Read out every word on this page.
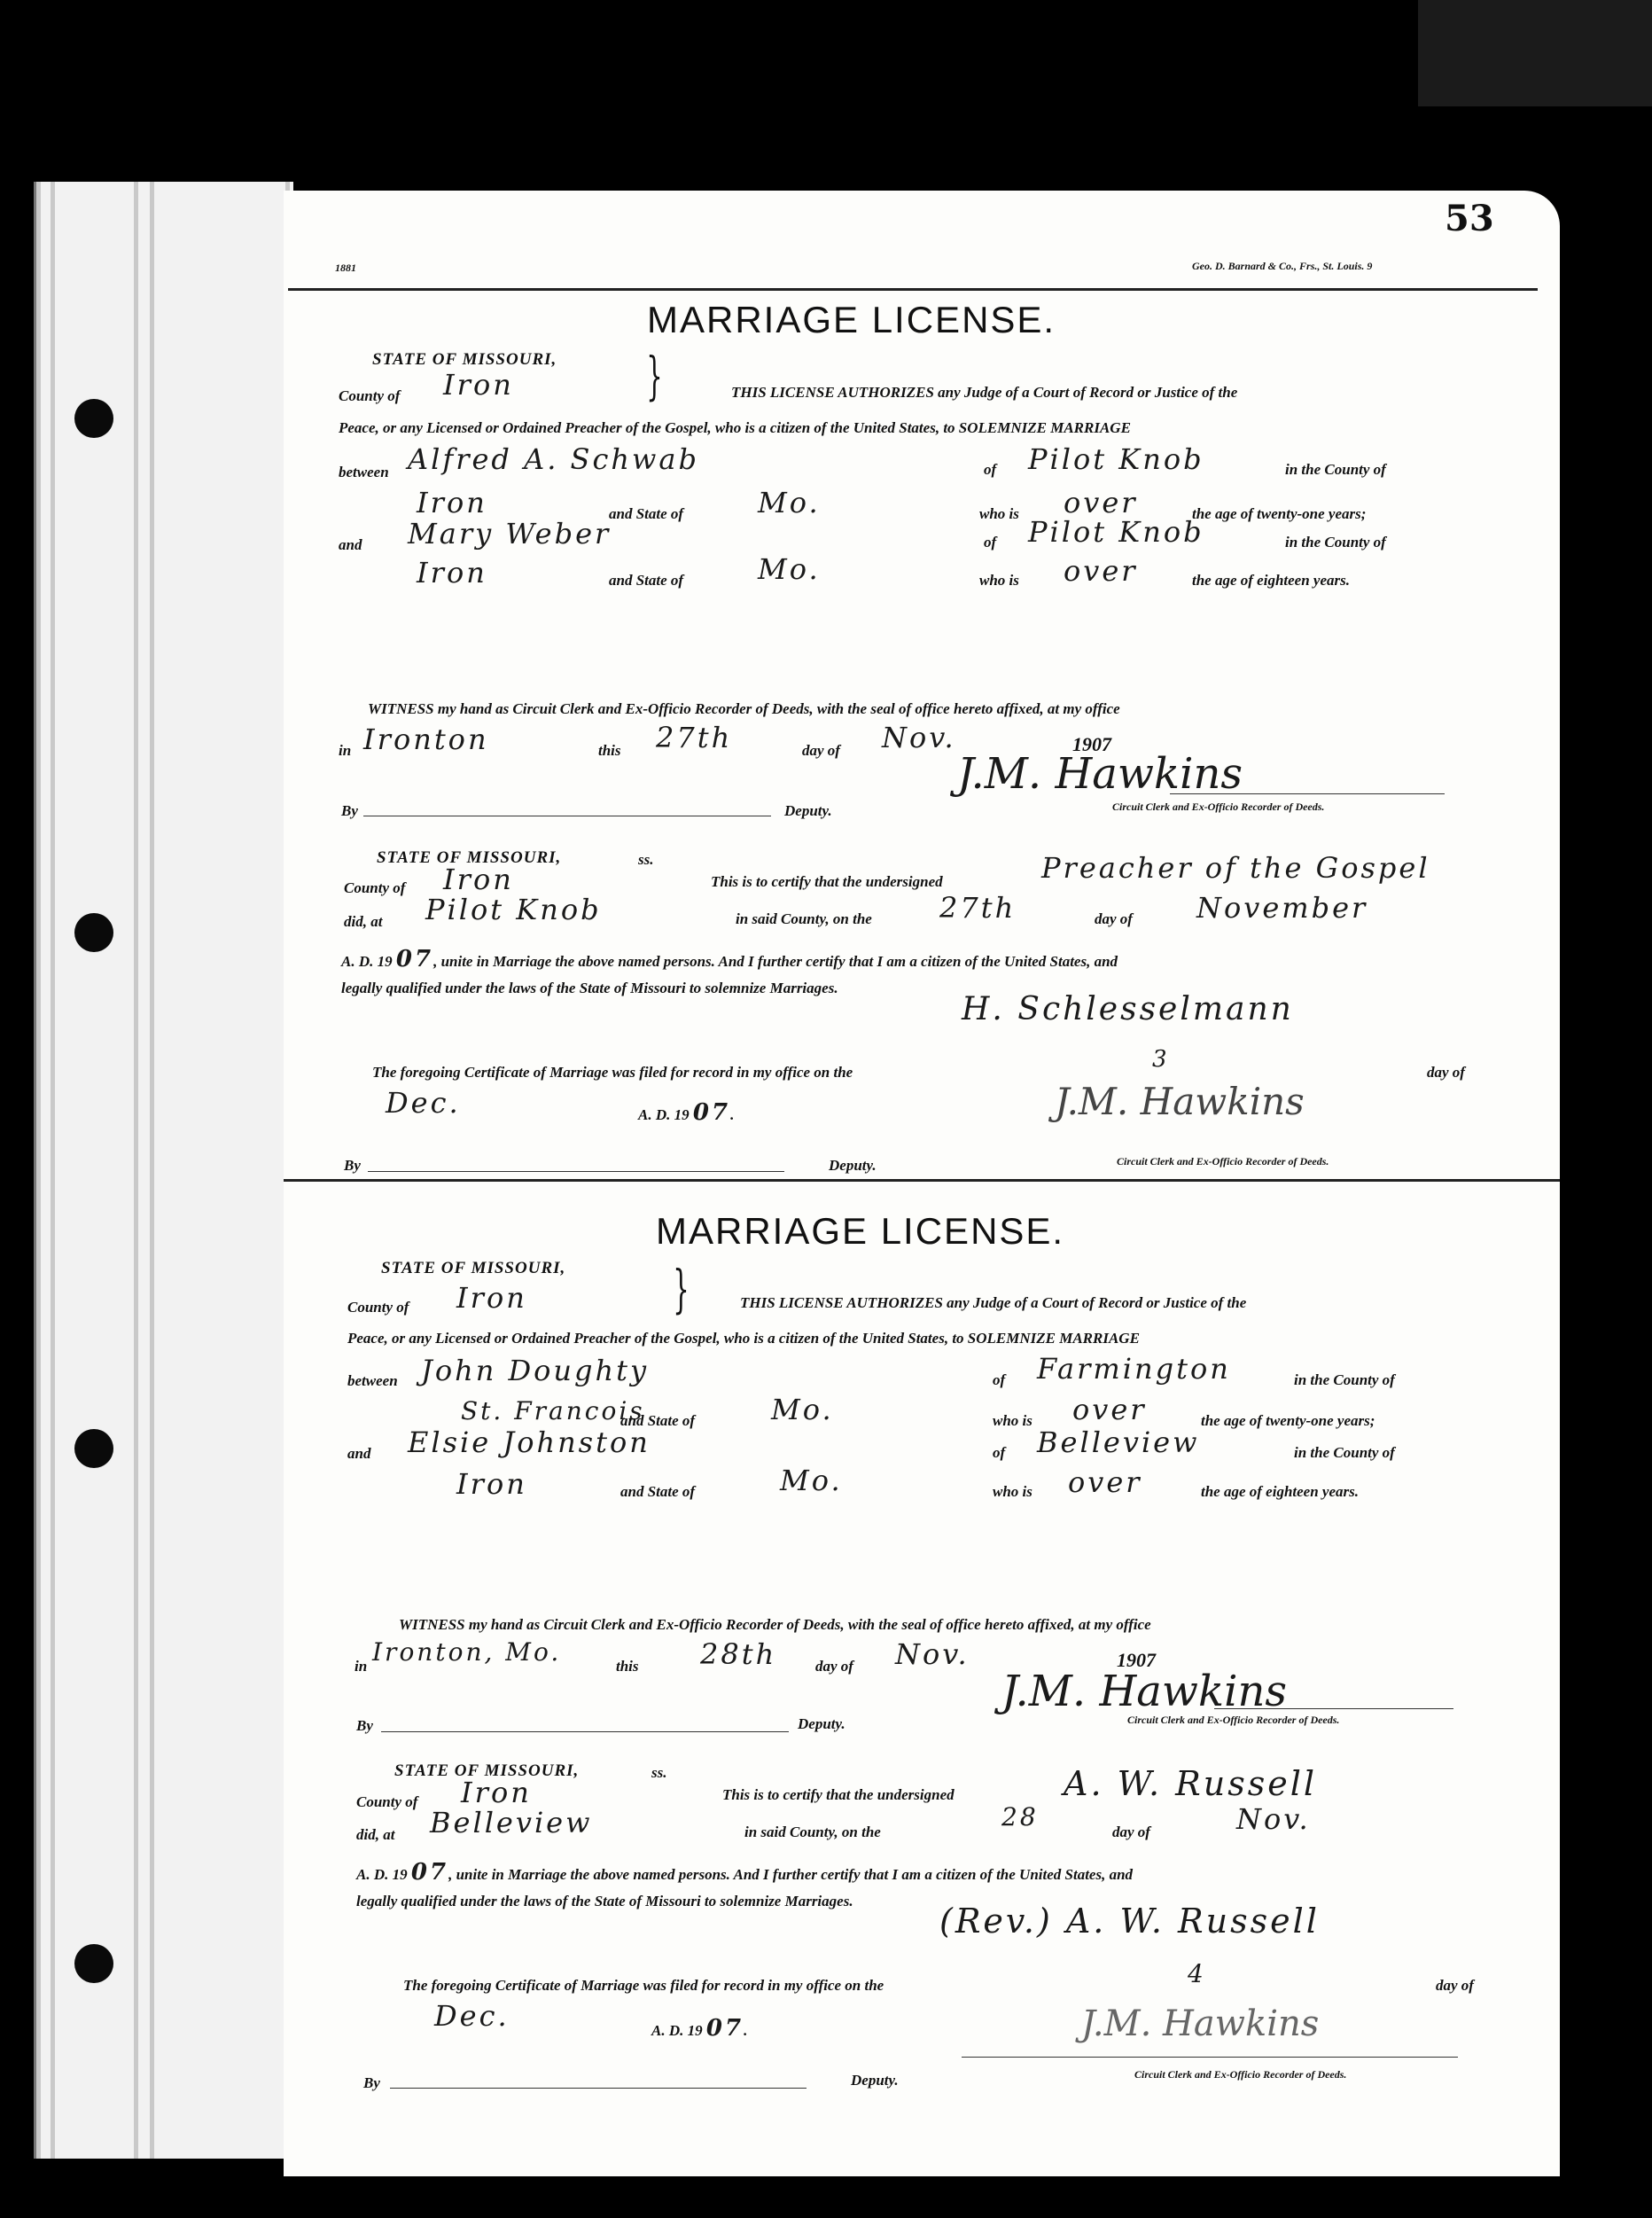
53
1881	Geo. D. Barnard & Co., Frs., St. Louis. 9
MARRIAGE LICENSE.
STATE OF MISSOURI,
County of Iron	}	THIS LICENSE AUTHORIZES any Judge of a Court of Record or Justice of the
Peace, or any Licensed or Ordained Preacher of the Gospel, who is a citizen of the United States, to SOLEMNIZE MARRIAGE
between Alfred A. Schwab	of Pilot Knob	in the County of
Iron	and State of	Mo.	who is over	the age of twenty-one years;
and Mary Weber	of Pilot Knob	in the County of
Iron	and State of	Mo.	who is over	the age of eighteen years.
WITNESS my hand as Circuit Clerk and Ex-Officio Recorder of Deeds, with the seal of office hereto affixed, at my office
in Ironton	this 27th	day of Nov.	1907
J.M. Hawkins
By	Deputy.	Circuit Clerk and Ex-Officio Recorder of Deeds.
STATE OF MISSOURI,
County of Iron
ss.
This is to certify that the undersigned	Preacher of the Gospel
did, at Pilot Knob	in said County, on the 27th	day of November
A. D. 19 07, unite in Marriage the above named persons. And I further certify that I am a citizen of the United States, and
legally qualified under the laws of the State of Missouri to solemnize Marriages.
H. Schlesselmann
The foregoing Certificate of Marriage was filed for record in my office on the	3	day of
Dec.	A. D. 19 07.	J.M. Hawkins
By	Deputy.	Circuit Clerk and Ex-Officio Recorder of Deeds.
MARRIAGE LICENSE.
STATE OF MISSOURI,
County of Iron	}	THIS LICENSE AUTHORIZES any Judge of a Court of Record or Justice of the
Peace, or any Licensed or Ordained Preacher of the Gospel, who is a citizen of the United States, to SOLEMNIZE MARRIAGE
between John Doughty	of Farmington	in the County of
St. Francois
and State of	Mo.	who is over	the age of twenty-one years;
and Elsie Johnston	of Belleview	in the County of
Iron	and State of	Mo.	who is over	the age of eighteen years.
WITNESS my hand as Circuit Clerk and Ex-Officio Recorder of Deeds, with the seal of office hereto affixed, at my office
in Ironton, Mo.	this 28th	day of Nov.	1907
J.M. Hawkins
By	Deputy.	Circuit Clerk and Ex-Officio Recorder of Deeds.
STATE OF MISSOURI,
County of Iron
ss.
This is to certify that the undersigned	A. W. Russell
did, at Belleview	in said County, on the
28
day of	Nov.
A. D. 19 07, unite in Marriage the above named persons. And I further certify that I am a citizen of the United States, and
legally qualified under the laws of the State of Missouri to solemnize Marriages.
(Rev.) A. W. Russell
The foregoing Certificate of Marriage was filed for record in my office on the	4	day of
Dec.	A. D. 19 07.	J.M. Hawkins
By	Deputy.	Circuit Clerk and Ex-Officio Recorder of Deeds.
